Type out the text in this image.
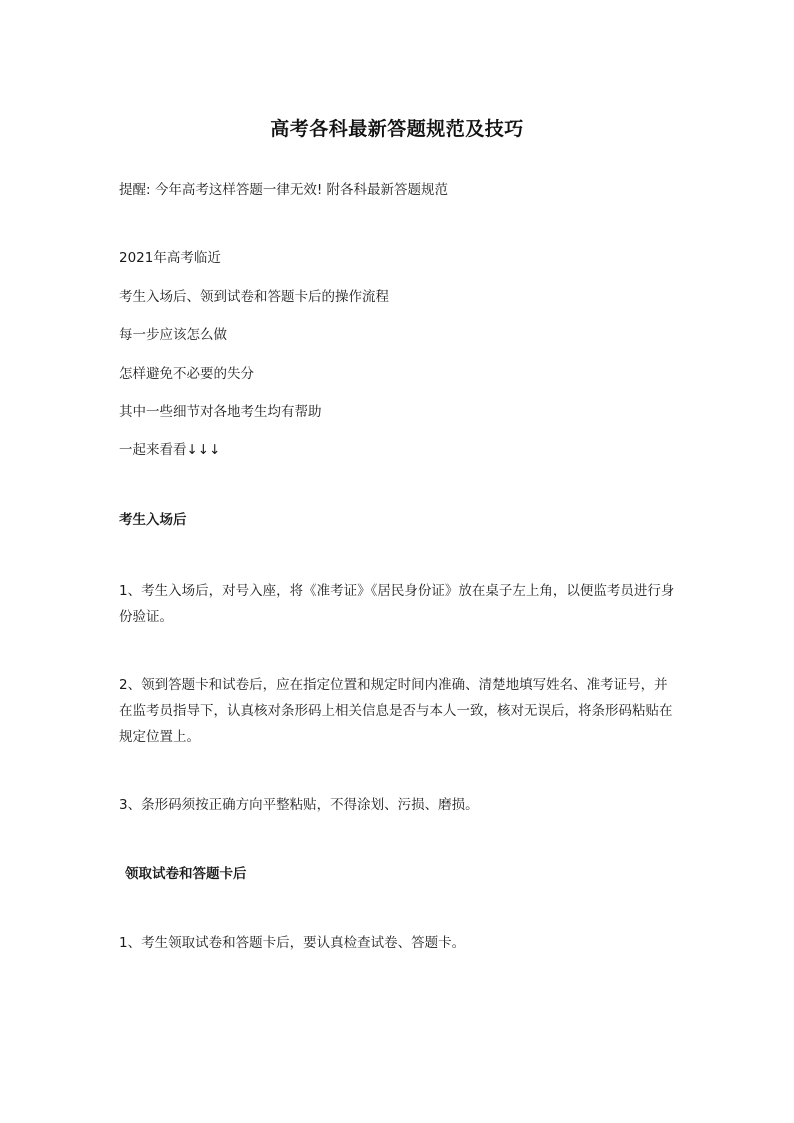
高考各科最新答题规范及技巧
提醒: 今年高考这样答题一律无效! 附各科最新答题规范
2021年高考临近
考生入场后、领到试卷和答题卡后的操作流程
每一步应该怎么做
怎样避免不必要的失分
其中一些细节对各地考生均有帮助
一起来看看↓↓↓
考生入场后
1、考生入场后，对号入座，将《准考证》《居民身份证》放在桌子左上角，以便监考员进行身份验证。
2、领到答题卡和试卷后，应在指定位置和规定时间内准确、清楚地填写姓名、准考证号，并在监考员指导下，认真核对条形码上相关信息是否与本人一致，核对无误后，将条形码粘贴在规定位置上。
3、条形码须按正确方向平整粘贴，不得涂划、污损、磨损。
领取试卷和答题卡后
1、考生领取试卷和答题卡后，要认真检查试卷、答题卡。
